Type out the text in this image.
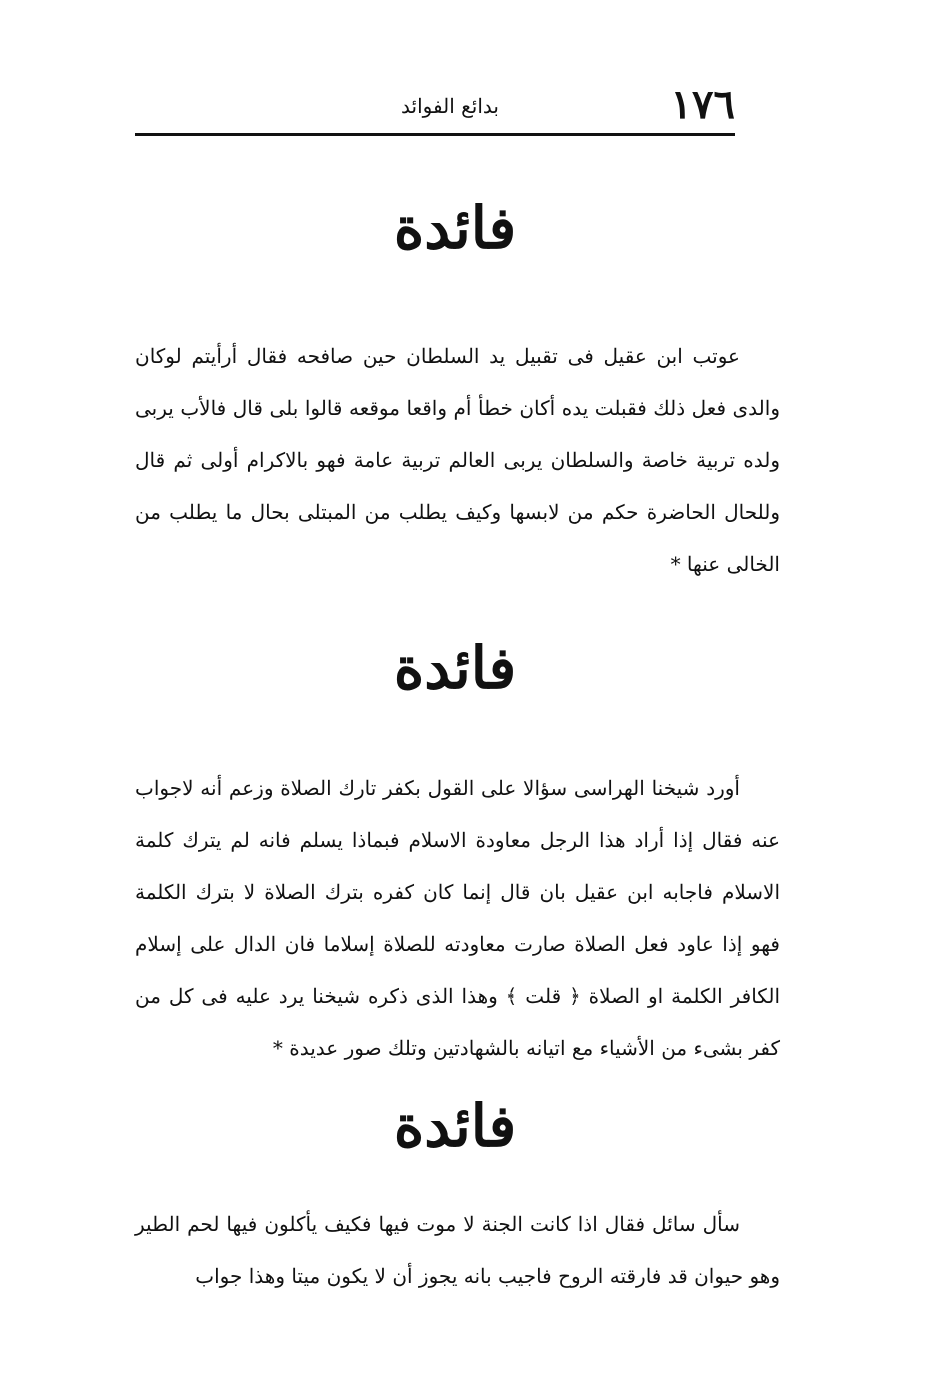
١٧٦
بدائع الفوائد
فائدة

عوتب ابن عقيل فى تقبيل يد السلطان حين صافحه فقال أرأيتم لوكان والدى فعل ذلك فقبلت يده أكان خطأ أم واقعا موقعه قالوا بلى قال فالأب يربى ولده تربية خاصة والسلطان يربى العالم تربية عامة فهو بالاكرام أولى ثم قال وللحال الحاضرة حكم من لابسها وكيف يطلب من المبتلى بحال ما يطلب من الخالى عنها *

فائدة

أورد شيخنا الهراسى سؤالا على القول بكفر تارك الصلاة وزعم أنه لاجواب عنه فقال إذا أراد هذا الرجل معاودة الاسلام فبماذا يسلم فانه لم يترك كلمة الاسلام فاجابه ابن عقيل بان قال إنما كان كفره بترك الصلاة لا بترك الكلمة فهو إذا عاود فعل الصلاة صارت معاودته للصلاة إسلاما فان الدال على إسلام الكافر الكلمة او الصلاة ﴿ قلت ﴾ وهذا الذى ذكره شيخنا يرد عليه فى كل من كفر بشىء من الأشياء مع اتيانه بالشهادتين وتلك صور عديدة *

فائدة

سأل سائل فقال اذا كانت الجنة لا موت فيها فكيف يأكلون فيها لحم الطير وهو حيوان قد فارقته الروح فاجيب بانه يجوز أن لا يكون ميتا وهذا جواب
